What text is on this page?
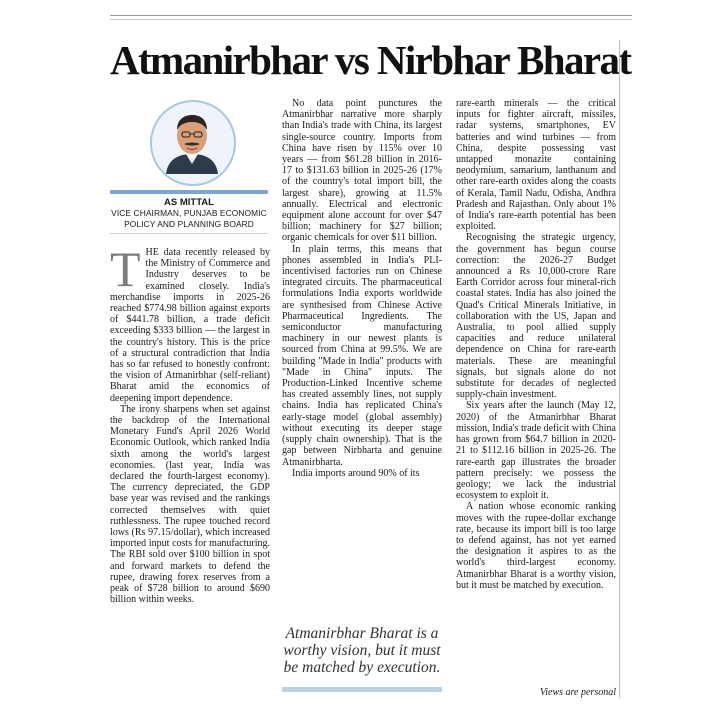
Atmanirbhar vs Nirbhar Bharat
AS MITTAL
VICE CHAIRMAN, PUNJAB ECONOMIC POLICY AND PLANNING BOARD

THE data recently released by the Ministry of Commerce and Industry deserves to be examined closely. India's merchandise imports in 2025-26 reached $774.98 billion against exports of $441.78 billion, a trade deficit exceeding $333 billion — the largest in the country's history. This is the price of a structural contradiction that India has so far refused to honestly confront: the vision of Atmanirbhar (self-reliant) Bharat amid the economics of deepening import dependence.

The irony sharpens when set against the backdrop of the International Monetary Fund's April 2026 World Economic Outlook, which ranked India sixth among the world's largest economies. (last year, India was declared the fourth-largest economy). The currency depreciated, the GDP base year was revised and the rankings corrected themselves with quiet ruthlessness. The rupee touched record lows (Rs 97.15/dollar), which increased imported input costs for manufacturing. The RBI sold over $100 billion in spot and forward markets to defend the rupee, drawing forex reserves from a peak of $728 billion to around $690 billion within weeks.

No data point punctures the Atmanirbhar narrative more sharply than India's trade with China, its largest single-source country. Imports from China have risen by 115% over 10 years — from $61.28 billion in 2016-17 to $131.63 billion in 2025-26 (17% of the country's total import bill, the largest share), growing at 11.5% annually. Electrical and electronic equipment alone account for over $47 billion; machinery for $27 billion; organic chemicals for over $11 billion.

In plain terms, this means that phones assembled in India's PLI-incentivised factories run on Chinese integrated circuits. The pharmaceutical formulations India exports worldwide are synthesised from Chinese Active Pharmaceutical Ingredients. The semiconductor manufacturing machinery in our newest plants is sourced from China at 99.5%. We are building "Made in India" products with "Made in China" inputs. The Production-Linked Incentive scheme has created assembly lines, not supply chains. India has replicated China's early-stage model (global assembly) without executing its deeper stage (supply chain ownership). That is the gap between Nirbharta and genuine Atmanirbharta.

India imports around 90% of its

Atmanirbhar Bharat is a worthy vision, but it must be matched by execution.

rare-earth minerals — the critical inputs for fighter aircraft, missiles, radar systems, smartphones, EV batteries and wind turbines — from China, despite possessing vast untapped monazite containing neodymium, samarium, lanthanum and other rare-earth oxides along the coasts of Kerala, Tamil Nadu, Odisha, Andhra Pradesh and Rajasthan. Only about 1% of India's rare-earth potential has been exploited.

Recognising the strategic urgency, the government has begun course correction: the 2026-27 Budget announced a Rs 10,000-crore Rare Earth Corridor across four mineral-rich coastal states. India has also joined the Quad's Critical Minerals Initiative, in collaboration with the US, Japan and Australia, to pool allied supply capacities and reduce unilateral dependence on China for rare-earth materials. These are meaningful signals, but signals alone do not substitute for decades of neglected supply-chain investment.

Six years after the launch (May 12, 2020) of the Atmanirbhar Bharat mission, India's trade deficit with China has grown from $64.7 billion in 2020-21 to $112.16 billion in 2025-26. The rare-earth gap illustrates the broader pattern precisely: we possess the geology; we lack the industrial ecosystem to exploit it.

A nation whose economic ranking moves with the rupee-dollar exchange rate, because its import bill is too large to defend against, has not yet earned the designation it aspires to as the world's third-largest economy. Atmanirbhar Bharat is a worthy vision, but it must be matched by execution.

Views are personal
